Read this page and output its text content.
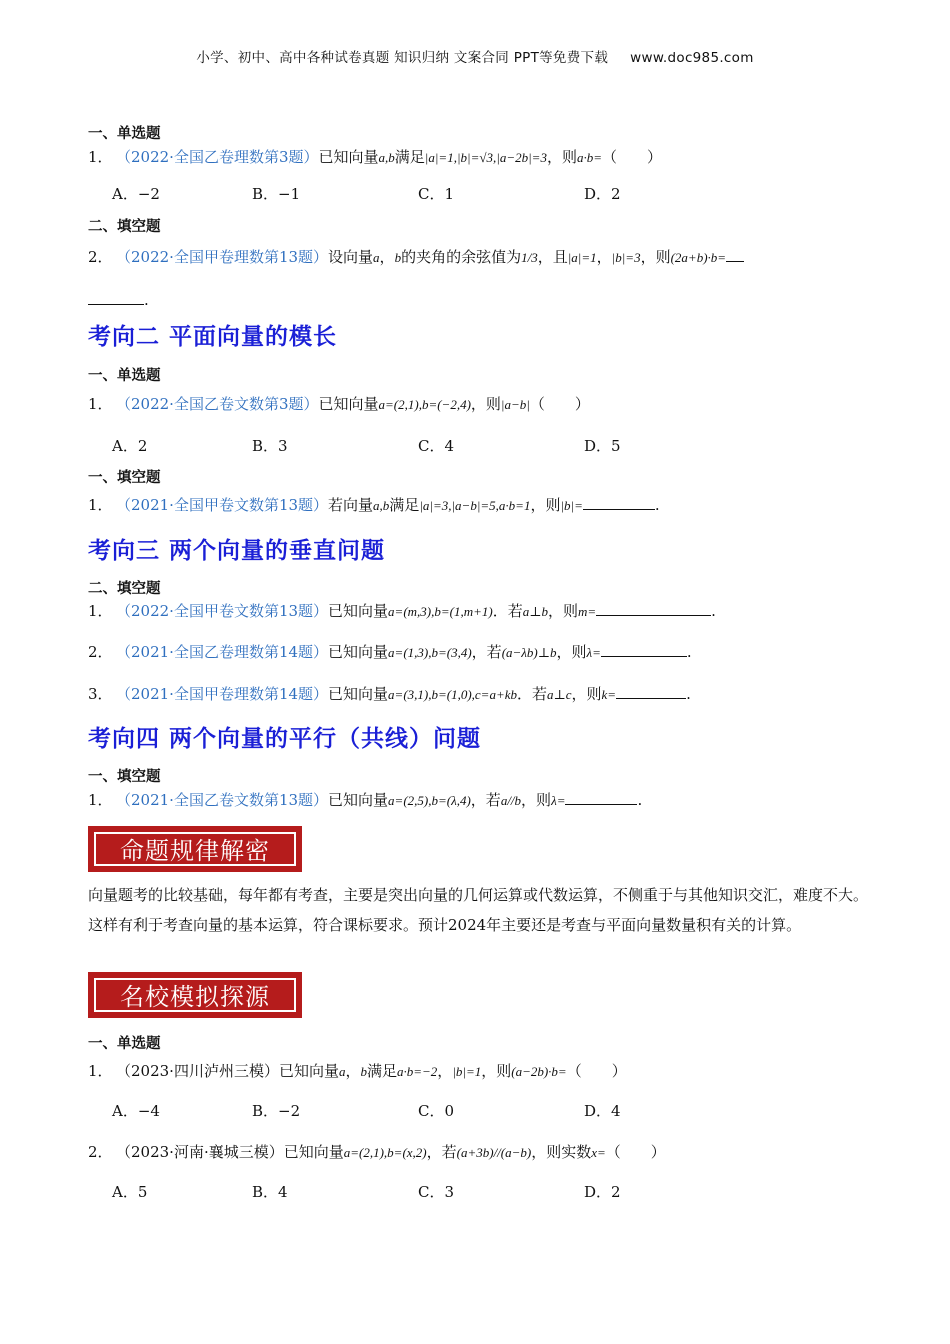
小学、初中、高中各种试卷真题 知识归纳 文案合同 PPT等免费下载 www.doc985.com
一、单选题
1． （2022·全国乙卷理数第3题）已知向量a,b满足|a|=1,|b|=√3,|a−2b|=3，则a·b=（　　）
A．−2	B．−1	C．1	D．2
二、填空题
2． （2022·全国甲卷理数第13题）设向量a，b的夹角的余弦值为1/3，且|a|=1，|b|=3，则(2a+b)·b=
.
考向二 平面向量的模长
一、单选题
1． （2022·全国乙卷文数第3题）已知向量a=(2,1),b=(−2,4)，则|a−b|（　　）
A．2	B．3	C．4	D．5
一、填空题
1． （2021·全国甲卷文数第13题）若向量a,b满足|a|=3,|a−b|=5,a·b=1，则|b|=	.
考向三 两个向量的垂直问题
二、填空题
1． （2022·全国甲卷文数第13题）已知向量a=(m,3),b=(1,m+1)．若a⊥b，则m=	.
2． （2021·全国乙卷理数第14题）已知向量a=(1,3),b=(3,4)，若(a−λb)⊥b，则λ=	.
3． （2021·全国甲卷理数第14题）已知向量a=(3,1),b=(1,0),c=a+kb．若a⊥c，则k=	.
考向四 两个向量的平行（共线）问题
一、填空题
1． （2021·全国乙卷文数第13题）已知向量a=(2,5),b=(λ,4)，若a//b，则λ=	.
命题规律解密
向量题考的比较基础，每年都有考查，主要是突出向量的几何运算或代数运算，不侧重于与其他知识交汇，难度不大。这样有利于考查向量的基本运算，符合课标要求。预计2024年主要还是考查与平面向量数量积有关的计算。
名校模拟探源
一、单选题
1． （2023·四川泸州三模）已知向量a，b满足a·b=−2，|b|=1，则(a−2b)·b=（　　）
A．−4	B．−2	C．0	D．4
2． （2023·河南·襄城三模）已知向量a=(2,1),b=(x,2)，若(a+3b)//(a−b)，则实数x=（　　）
A．5	B．4	C．3	D．2
